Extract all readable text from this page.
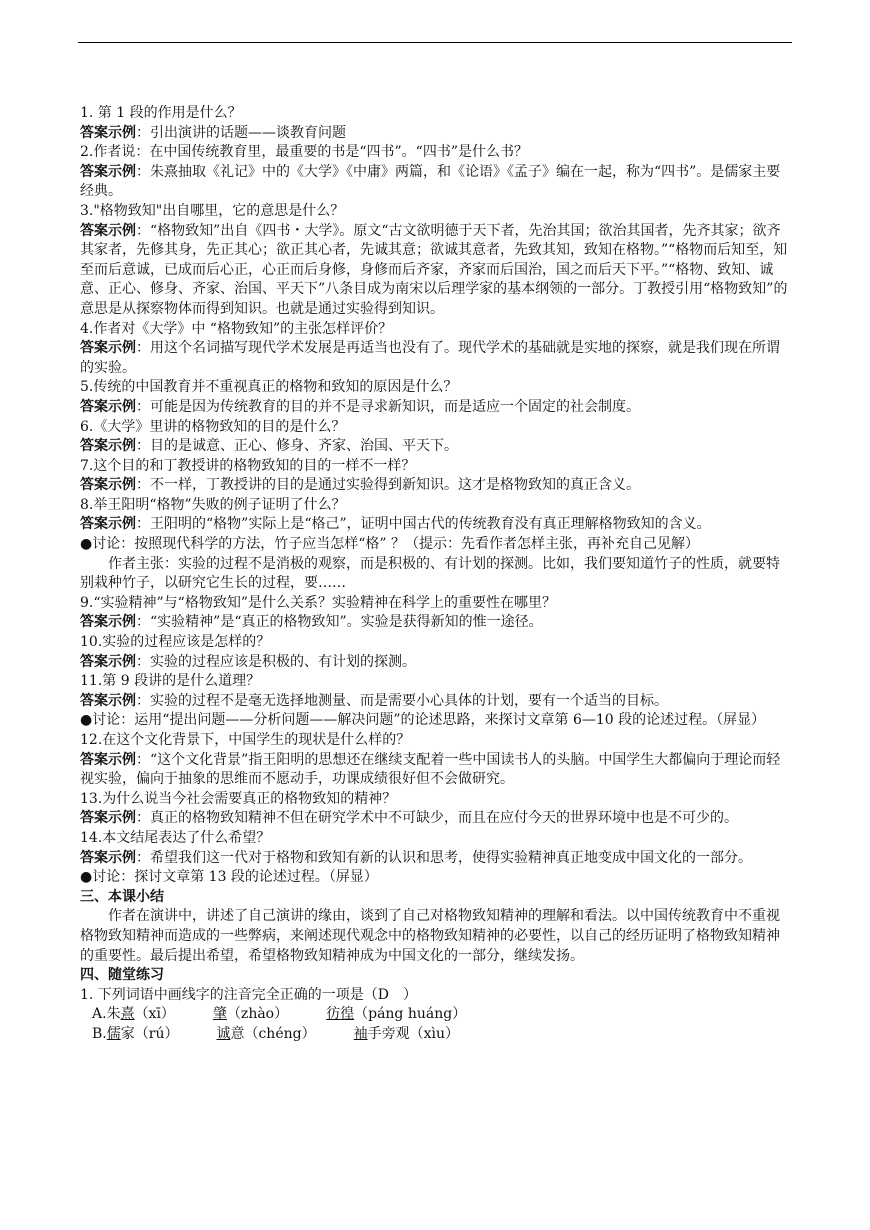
1. 第 1 段的作用是什么？
答案示例：引出演讲的话题——谈教育问题
2.作者说：在中国传统教育里，最重要的书是“四书”。“四书”是什么书？
答案示例：朱熹抽取《礼记》中的《大学》《中庸》两篇，和《论语》《孟子》编在一起，称为“四书”。是儒家主要经典。
3."格物致知"出自哪里，它的意思是什么？
答案示例：“格物致知”出自《四书・大学》。原文“古文欲明德于天下者，先治其国；欲治其国者，先齐其家；欲齐其家者，先修其身，先正其心；欲正其心者，先诚其意；欲诚其意者，先致其知，致知在格物。”“格物而后知至，知至而后意诚，已成而后心正，心正而后身修，身修而后齐家，齐家而后国治，国之而后天下平。”“格物、致知、诚意、正心、修身、齐家、治国、平天下”八条目成为南宋以后理学家的基本纲领的一部分。丁教授引用“格物致知”的意思是从探察物体而得到知识。也就是通过实验得到知识。
4.作者对《大学》中 “格物致知”的主张怎样评价？
答案示例：用这个名词描写现代学术发展是再适当也没有了。现代学术的基础就是实地的探察，就是我们现在所谓的实验。
5.传统的中国教育并不重视真正的格物和致知的原因是什么？
答案示例：可能是因为传统教育的目的并不是寻求新知识，而是适应一个固定的社会制度。
6.《大学》里讲的格物致知的目的是什么？
答案示例：目的是诚意、正心、修身、齐家、治国、平天下。
7.这个目的和丁教授讲的格物致知的目的一样不一样？
答案示例：不一样，丁教授讲的目的是通过实验得到新知识。这才是格物致知的真正含义。
8.举王阳明“格物”失败的例子证明了什么？
答案示例：王阳明的“格物”实际上是“格己”，证明中国古代的传统教育没有真正理解格物致知的含义。
●讨论：按照现代科学的方法，竹子应当怎样“格” ？（提示：先看作者怎样主张，再补充自己见解）
作者主张：实验的过程不是消极的观察，而是积极的、有计划的探测。比如，我们要知道竹子的性质，就要特别栽种竹子，以研究它生长的过程，要……
9.“实验精神”与“格物致知”是什么关系？实验精神在科学上的重要性在哪里？
答案示例：“实验精神”是“真正的格物致知”。实验是获得新知的惟一途径。
10.实验的过程应该是怎样的？
答案示例：实验的过程应该是积极的、有计划的探测。
11.第 9 段讲的是什么道理？
答案示例：实验的过程不是毫无选择地测量、而是需要小心具体的计划，要有一个适当的目标。
●讨论：运用“提出问题——分析问题——解决问题”的论述思路，来探讨文章第 6—10 段的论述过程。（屏显）
12.在这个文化背景下，中国学生的现状是什么样的？
答案示例：“这个文化背景”指王阳明的思想还在继续支配着一些中国读书人的头脑。中国学生大都偏向于理论而轻视实验，偏向于抽象的思维而不愿动手，功课成绩很好但不会做研究。
13.为什么说当今社会需要真正的格物致知的精神？
答案示例：真正的格物致知精神不但在研究学术中不可缺少，而且在应付今天的世界环境中也是不可少的。
14.本文结尾表达了什么希望？
答案示例：希望我们这一代对于格物和致知有新的认识和思考，使得实验精神真正地变成中国文化的一部分。
●讨论：探讨文章第 13 段的论述过程。（屏显）
三、本课小结
作者在演讲中，讲述了自己演讲的缘由，谈到了自己对格物致知精神的理解和看法。以中国传统教育中不重视格物致知精神而造成的一些弊病，来阐述现代观念中的格物致知精神的必要性，以自己的经历证明了格物致知精神的重要性。最后提出希望，希望格物致知精神成为中国文化的一部分，继续发扬。
四、随堂练习
1. 下列词语中画线字的注音完全正确的一项是（D　）
A.朱熹（xī）	肇（zhào）	彷徨（páng huáng）
B.儒家（rú）	诚意（chéng）	袖手旁观（xìu）
